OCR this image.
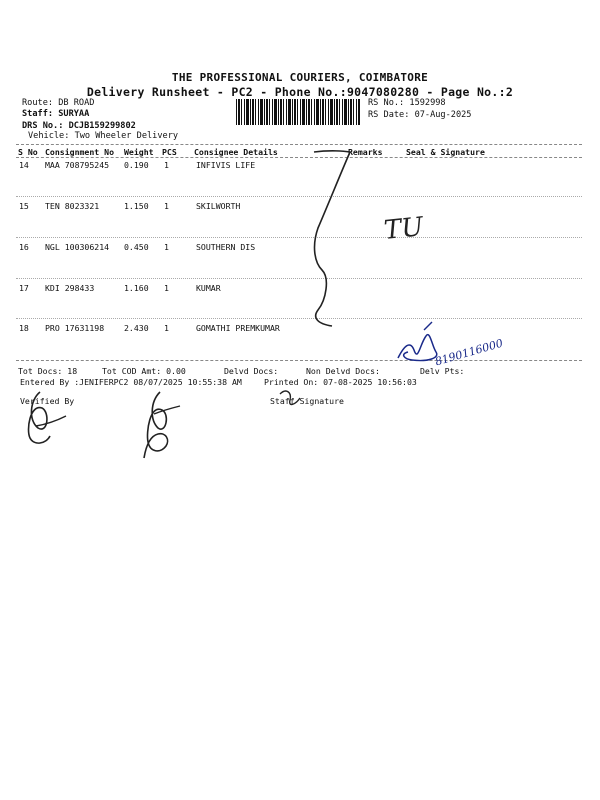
THE PROFESSIONAL COURIERS, COIMBATORE
Delivery Runsheet - PC2 - Phone No.:9047080280 - Page No.:2
Route: DB ROAD
Staff: SURYAA
DRS No.: DCJB159299802
Vehicle: Two Wheeler Delivery
RS No.: 1592998
RS Date: 07-Aug-2025
S No Consignment No Weight PCS Consignee Details	Remarks	Seal & Signature
14 MAA 708795245 0.190 1	INFIVIS LIFE
15 TEN 8023321	1.150 1	SKILWORTH
16 NGL 100306214 0.450 1	SOUTHERN DIS
17 KDI 298433	1.160 1	KUMAR
18 PRO 17631198 2.430 1	GOMATHI PREMKUMAR
Tot Docs: 18	Tot COD Amt: 0.00	Delvd Docs:	Non Delvd Docs:	Delv Pts:
Entered By :JENIFERPC2 08/07/2025 10:55:38 AM	Printed On: 07-08-2025 10:56:03
Verified By	Staff Signature
TU
8190116000
